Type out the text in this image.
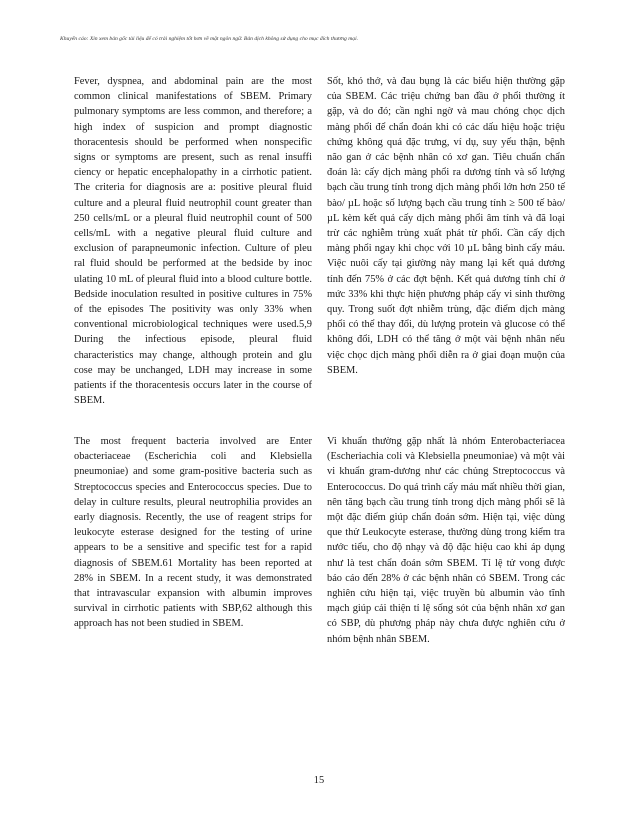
Khuyến cáo: Xin xem bản gốc tài liệu để có trải nghiệm tốt hơn về mặt ngôn ngữ. Bản dịch không sử dụng cho mục đích thương mại.
Fever, dyspnea, and abdominal pain are the most common clinical manifestations of SBEM. Primary pulmonary symptoms are less common, and therefore; a high index of suspicion and prompt diagnostic thoracentesis should be performed when nonspecific signs or symptoms are present, such as renal insuffi ciency or hepatic encephalopathy in a cirrhotic patient. The criteria for diagnosis are a: positive pleural fluid culture and a pleural fluid neutrophil count greater than 250 cells/mL or a pleural fluid neutrophil count of 500 cells/mL with a negative pleural fluid culture and exclusion of parapneumonic infection. Culture of pleu ral fluid should be performed at the bedside by inoc ulating 10 mL of pleural fluid into a blood culture bottle. Bedside inoculation resulted in positive cultures in 75% of the episodes The positivity was only 33% when conventional microbiological techniques were used.5,9 During the infectious episode, pleural fluid characteristics may change, although protein and glu cose may be unchanged, LDH may increase in some patients if the thoracentesis occurs later in the course of SBEM.
Sốt, khó thở, và đau bụng là các biểu hiện thường gặp của SBEM. Các triệu chứng ban đầu ở phổi thường ít gặp, và do đó; cần nghi ngờ và mau chóng chọc dịch màng phổi để chẩn đoán khi có các dấu hiệu hoặc triệu chứng không quá đặc trưng, ví dụ, suy yếu thận, bệnh não gan ở các bệnh nhân có xơ gan. Tiêu chuẩn chẩn đoán là: cấy dịch màng phổi ra dương tính và số lượng bạch cầu trung tính trong dịch màng phổi lớn hơn 250 tế bào/ µL hoặc số lượng bạch cầu trung tính ≥ 500 tế bào/ µL kèm kết quả cấy dịch màng phổi âm tính và đã loại trừ các nghiễm trùng xuất phát từ phổi. Cần cấy dịch màng phổi ngay khi chọc với 10 µL bằng bình cấy máu. Việc nuôi cấy tại giường này mang lại kết quả dương tính đến 75% ở các đợt bệnh. Kết quả dương tính chỉ ở mức 33% khi thực hiện phương pháp cấy vi sinh thường quy. Trong suốt đợt nhiễm trùng, đặc điểm dịch màng phổi có thể thay đổi, dù lượng protein và glucose có thể không đổi, LDH có thể tăng ở một vài bệnh nhân nếu việc chọc dịch màng phổi diễn ra ở giai đoạn muộn của SBEM.
The most frequent bacteria involved are Enter obacteriaceae (Escherichia coli and Klebsiella pneumoniae) and some gram-positive bacteria such as Streptococcus species and Enterococcus species. Due to delay in culture results, pleural neutrophilia provides an early diagnosis. Recently, the use of reagent strips for leukocyte esterase designed for the testing of urine appears to be a sensitive and specific test for a rapid diagnosis of SBEM.61 Mortality has been reported at 28% in SBEM. In a recent study, it was demonstrated that intravascular expansion with albumin improves survival in cirrhotic patients with SBP,62 although this approach has not been studied in SBEM.
Vi khuẩn thường gặp nhất là nhóm Enterobacteriacea (Escheriachia coli và Klebsiella pneumoniae) và một vài vi khuẩn gram-dương như các chủng Streptococcus và Enterococcus. Do quá trình cấy máu mất nhiều thời gian, nên tăng bạch cầu trung tính trong dịch màng phổi sẽ là một đặc điểm giúp chẩn đoán sớm. Hiện tại, việc dùng que thử Leukocyte esterase, thường dùng trong kiểm tra nước tiểu, cho độ nhạy và độ đặc hiệu cao khi áp dụng như là test chẩn đoán sớm SBEM. Tỉ lệ tử vong được báo cáo đến 28% ở các bệnh nhân có SBEM. Trong các nghiên cứu hiện tại, việc truyền bù albumin vào tĩnh mạch giúp cải thiện tỉ lệ sống sót của bệnh nhân xơ gan có SBP, dù phương pháp này chưa được nghiên cứu ở nhóm bệnh nhân SBEM.
15
